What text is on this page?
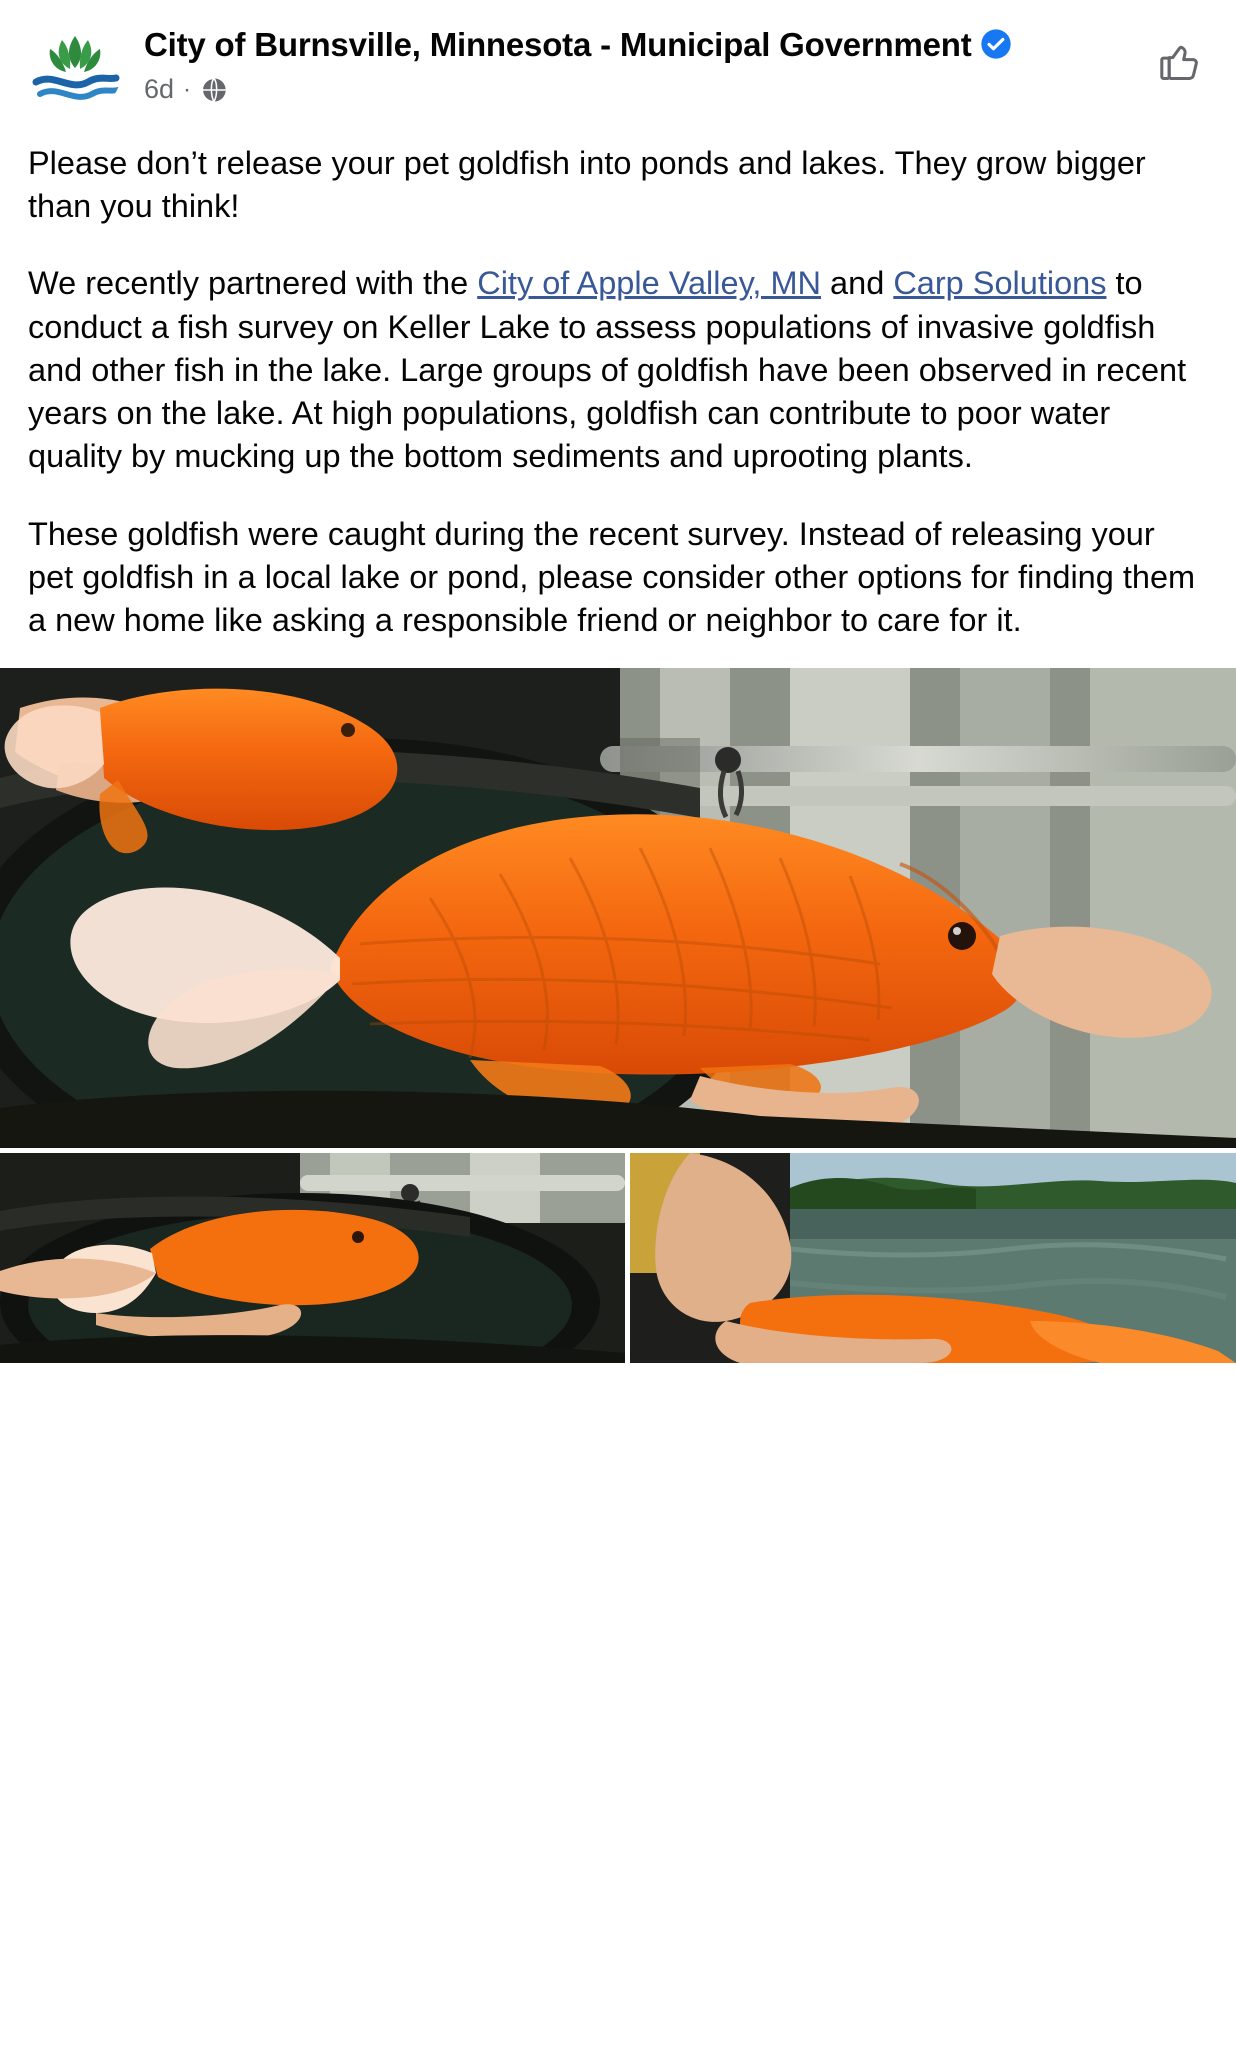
City of Burnsville, Minnesota - Municipal Government
6d ·
Please don’t release your pet goldfish into ponds and lakes. They grow bigger than you think!
We recently partnered with the City of Apple Valley, MN and Carp Solutions to conduct a fish survey on Keller Lake to assess populations of invasive goldfish and other fish in the lake. Large groups of goldfish have been observed in recent years on the lake. At high populations, goldfish can contribute to poor water quality by mucking up the bottom sediments and uprooting plants.
These goldfish were caught during the recent survey. Instead of releasing your pet goldfish in a local lake or pond, please consider other options for finding them a new home like asking a responsible friend or neighbor to care for it.
